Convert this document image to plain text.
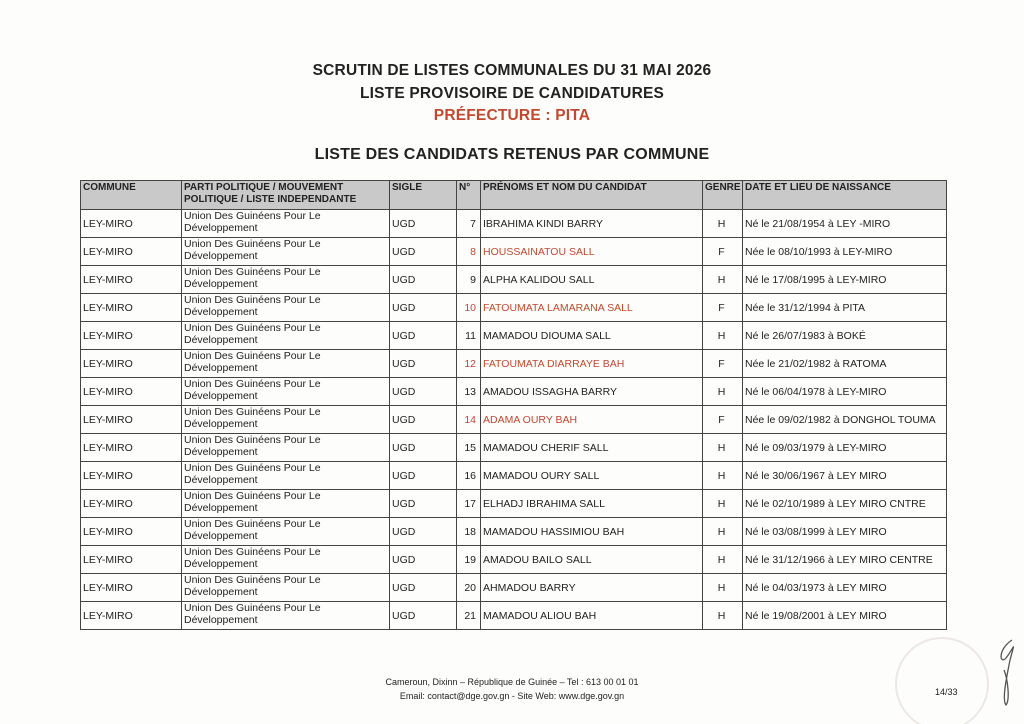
SCRUTIN DE LISTES COMMUNALES DU 31 MAI 2026
LISTE PROVISOIRE DE CANDIDATURES
PRÉFECTURE : PITA
LISTE DES CANDIDATS RETENUS PAR COMMUNE
COMMUNE	PARTI POLITIQUE / MOUVEMENT POLITIQUE / LISTE INDEPENDANTE	SIGLE	N°	PRÉNOMS ET NOM DU CANDIDAT	GENRE	DATE ET LIEU DE NAISSANCE
LEY-MIRO	Union Des Guinéens Pour Le Développement	UGD	7	IBRAHIMA KINDI BARRY	H	Né le 21/08/1954 à LEY -MIRO
LEY-MIRO	Union Des Guinéens Pour Le Développement	UGD	8	HOUSSAINATOU SALL	F	Née le 08/10/1993 à LEY-MIRO
LEY-MIRO	Union Des Guinéens Pour Le Développement	UGD	9	ALPHA KALIDOU SALL	H	Né le 17/08/1995 à LEY-MIRO
LEY-MIRO	Union Des Guinéens Pour Le Développement	UGD	10	FATOUMATA LAMARANA SALL	F	Née le 31/12/1994 à PITA
LEY-MIRO	Union Des Guinéens Pour Le Développement	UGD	11	MAMADOU DIOUMA SALL	H	Né le 26/07/1983 à BOKÉ
LEY-MIRO	Union Des Guinéens Pour Le Développement	UGD	12	FATOUMATA DIARRAYE BAH	F	Née le 21/02/1982 à RATOMA
LEY-MIRO	Union Des Guinéens Pour Le Développement	UGD	13	AMADOU ISSAGHA BARRY	H	Né le 06/04/1978 à LEY-MIRO
LEY-MIRO	Union Des Guinéens Pour Le Développement	UGD	14	ADAMA OURY BAH	F	Née le 09/02/1982 à DONGHOL TOUMA
LEY-MIRO	Union Des Guinéens Pour Le Développement	UGD	15	MAMADOU CHERIF SALL	H	Né le 09/03/1979 à LEY-MIRO
LEY-MIRO	Union Des Guinéens Pour Le Développement	UGD	16	MAMADOU OURY SALL	H	Né le 30/06/1967 à LEY MIRO
LEY-MIRO	Union Des Guinéens Pour Le Développement	UGD	17	ELHADJ IBRAHIMA SALL	H	Né le 02/10/1989 à LEY MIRO CNTRE
LEY-MIRO	Union Des Guinéens Pour Le Développement	UGD	18	MAMADOU HASSIMIOU BAH	H	Né le 03/08/1999 à LEY MIRO
LEY-MIRO	Union Des Guinéens Pour Le Développement	UGD	19	AMADOU BAILO SALL	H	Né le 31/12/1966 à LEY MIRO CENTRE
LEY-MIRO	Union Des Guinéens Pour Le Développement	UGD	20	AHMADOU BARRY	H	Né le 04/03/1973 à LEY MIRO
LEY-MIRO	Union Des Guinéens Pour Le Développement	UGD	21	MAMADOU ALIOU BAH	H	Né le 19/08/2001 à LEY MIRO
Cameroun, Dixinn – République de Guinée – Tel : 613 00 01 01
Email: contact@dge.gov.gn - Site Web: www.dge.gov.gn	14/33
